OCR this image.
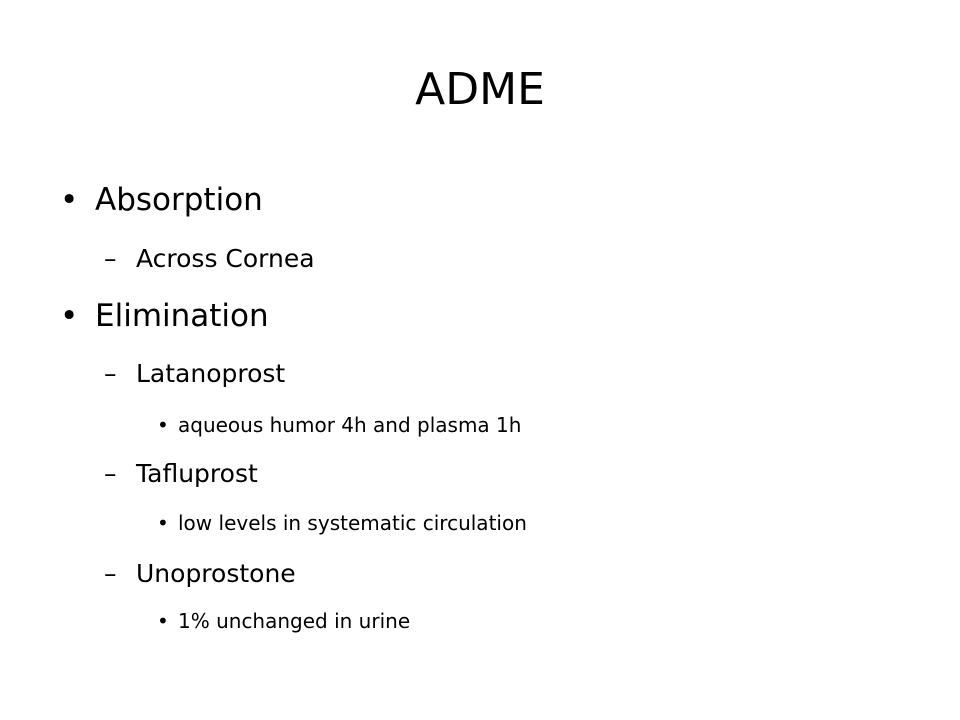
ADME
• Absorption
– Across Cornea
• Elimination
– Latanoprost
• aqueous humor 4h and plasma 1h
– Tafluprost
• low levels in systematic circulation
– Unoprostone
• 1% unchanged in urine
